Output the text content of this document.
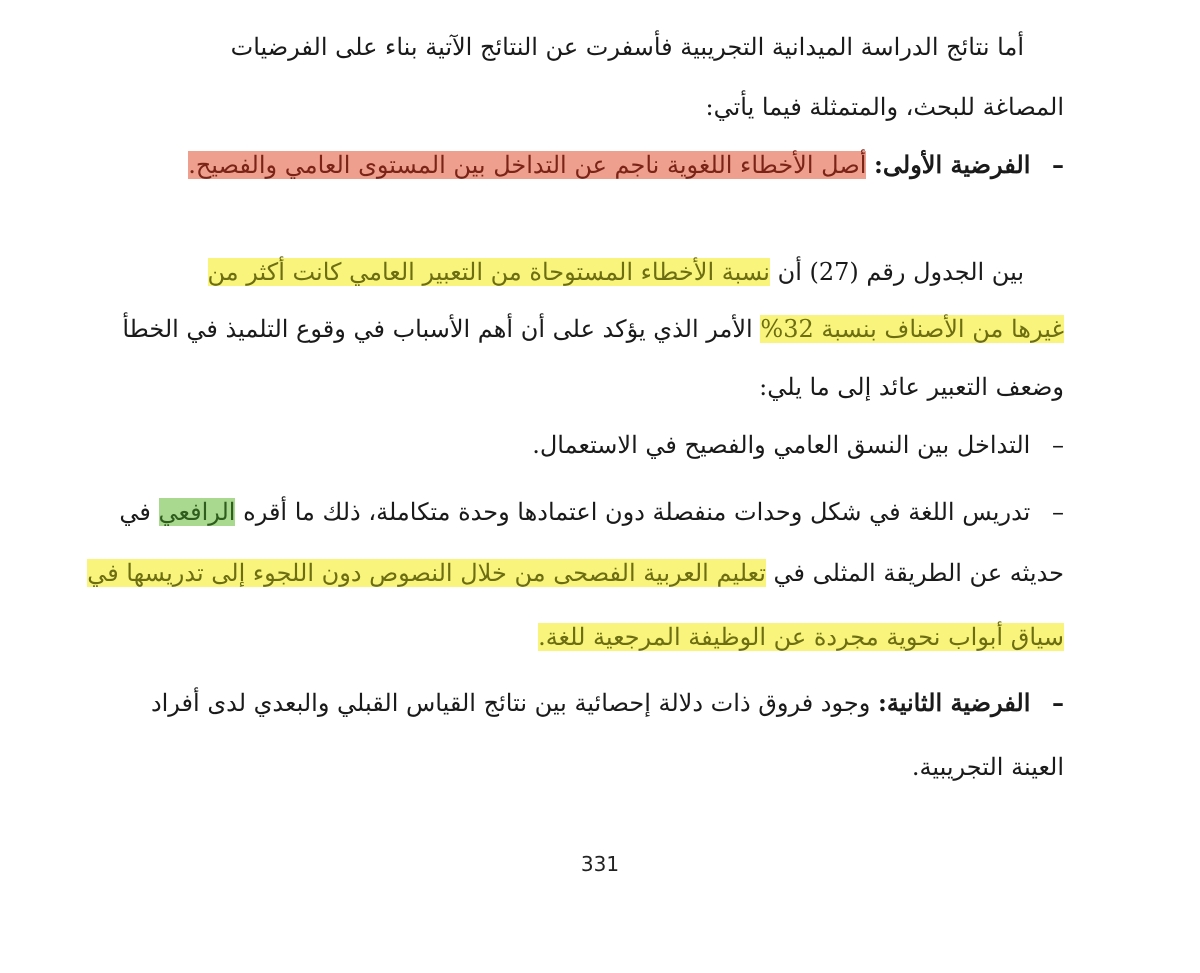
أما نتائج الدراسة الميدانية التجريبية فأسفرت عن النتائج الآتية بناء على الفرضيات
المصاغة للبحث، والمتمثلة فيما يأتي:
– الفرضية الأولى: أصل الأخطاء اللغوية ناجم عن التداخل بين المستوى العامي والفصيح.
بين الجدول رقم (27) أن نسبة الأخطاء المستوحاة من التعبير العامي كانت أكثر من
غيرها من الأصناف بنسبة 32% الأمر الذي يؤكد على أن أهم الأسباب في وقوع التلميذ في الخطأ
وضعف التعبير عائد إلى ما يلي:
– التداخل بين النسق العامي والفصيح في الاستعمال.
– تدريس اللغة في شكل وحدات منفصلة دون اعتمادها وحدة متكاملة، ذلك ما أقره الرافعي في
حديثه عن الطريقة المثلى في تعليم العربية الفصحى من خلال النصوص دون اللجوء إلى تدريسها في
سياق أبواب نحوية مجردة عن الوظيفة المرجعية للغة.
– الفرضية الثانية: وجود فروق ذات دلالة إحصائية بين نتائج القياس القبلي والبعدي لدى أفراد
العينة التجريبية.
331
